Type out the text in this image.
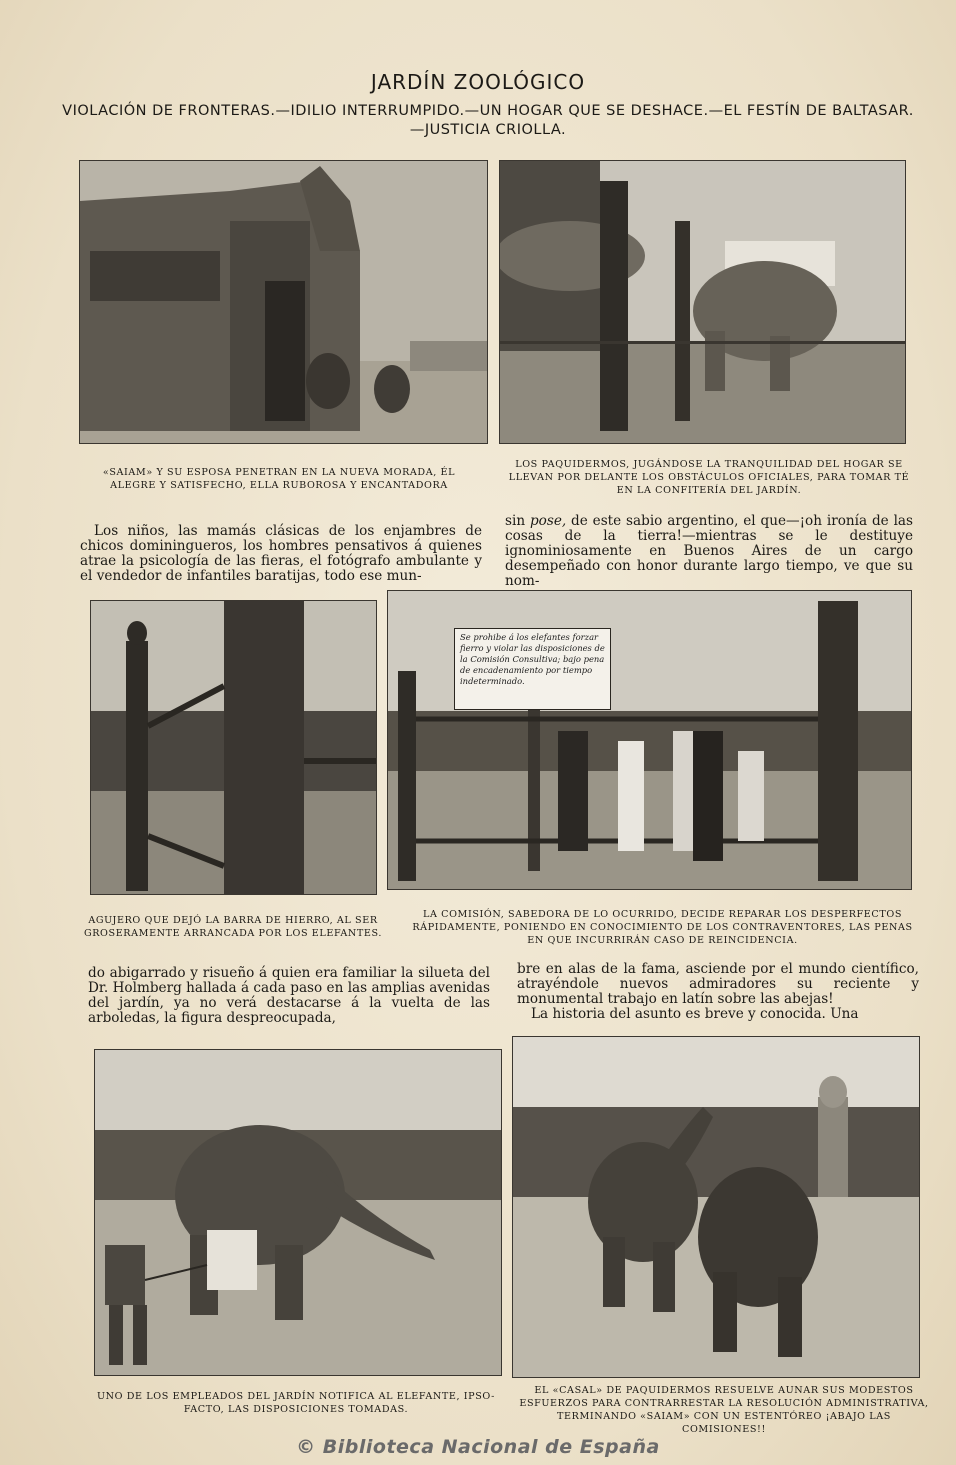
JARDÍN ZOOLÓGICO
VIOLACIÓN DE FRONTERAS.—IDILIO INTERRUMPIDO.—UN HOGAR QUE SE DESHACE.—EL FESTÍN DE BALTASAR.—JUSTICIA CRIOLLA.
«SAIAM» Y SU ESPOSA PENETRAN EN LA NUEVA MORADA, ÉL ALEGRE Y SATISFECHO, ELLA RUBOROSA Y ENCANTADORA
LOS PAQUIDERMOS, JUGÁNDOSE LA TRANQUILIDAD DEL HOGAR SE LLEVAN POR DELANTE LOS OBSTÁCULOS OFICIALES, PARA TOMAR TÉ EN LA CONFITERÍA DEL JARDÍN.
Los niños, las mamás clásicas de los enjambres de chicos dominingueros, los hombres pensativos á quienes atrae la psicología de las fieras, el fotógrafo ambulante y el vendedor de infantiles baratijas, todo ese mun-
sin pose, de este sabio argentino, el que—¡oh ironía de las cosas de la tierra!—mientras se le destituye ignominiosamente en Buenos Aires de un cargo desempeñado con honor durante largo tiempo, ve que su nom-
Se prohibe á los elefantes forzar fierro y violar las disposiciones de la Comisión Consultiva; bajo pena de encadenamiento por tiempo indeterminado.
AGUJERO QUE DEJÓ LA BARRA DE HIERRO, AL SER GROSERAMENTE ARRANCADA POR LOS ELEFANTES.
LA COMISIÓN, SABEDORA DE LO OCURRIDO, DECIDE REPARAR LOS DESPERFECTOS RÁPIDAMENTE, PONIENDO EN CONOCIMIENTO DE LOS CONTRAVENTORES, LAS PENAS EN QUE INCURRIRÁN CASO DE REINCIDENCIA.
do abigarrado y risueño á quien era familiar la silueta del Dr. Holmberg hallada á cada paso en las amplias avenidas del jardín, ya no verá destacarse á la vuelta de las arboledas, la figura despreocupada,
bre en alas de la fama, asciende por el mundo científico, atrayéndole nuevos admiradores su reciente y monumental trabajo en latín sobre las abejas!
La historia del asunto es breve y conocida. Una
UNO DE LOS EMPLEADOS DEL JARDÍN NOTIFICA AL ELEFANTE, IPSO-FACTO, LAS DISPOSICIONES TOMADAS.
EL «CASAL» DE PAQUIDERMOS RESUELVE AUNAR SUS MODESTOS ESFUERZOS PARA CONTRARRESTAR LA RESOLUCIÓN ADMINISTRATIVA, TERMINANDO «SAIAM» CON UN ESTENTÓREO ¡ABAJO LAS COMISIONES!!
© Biblioteca Nacional de España
